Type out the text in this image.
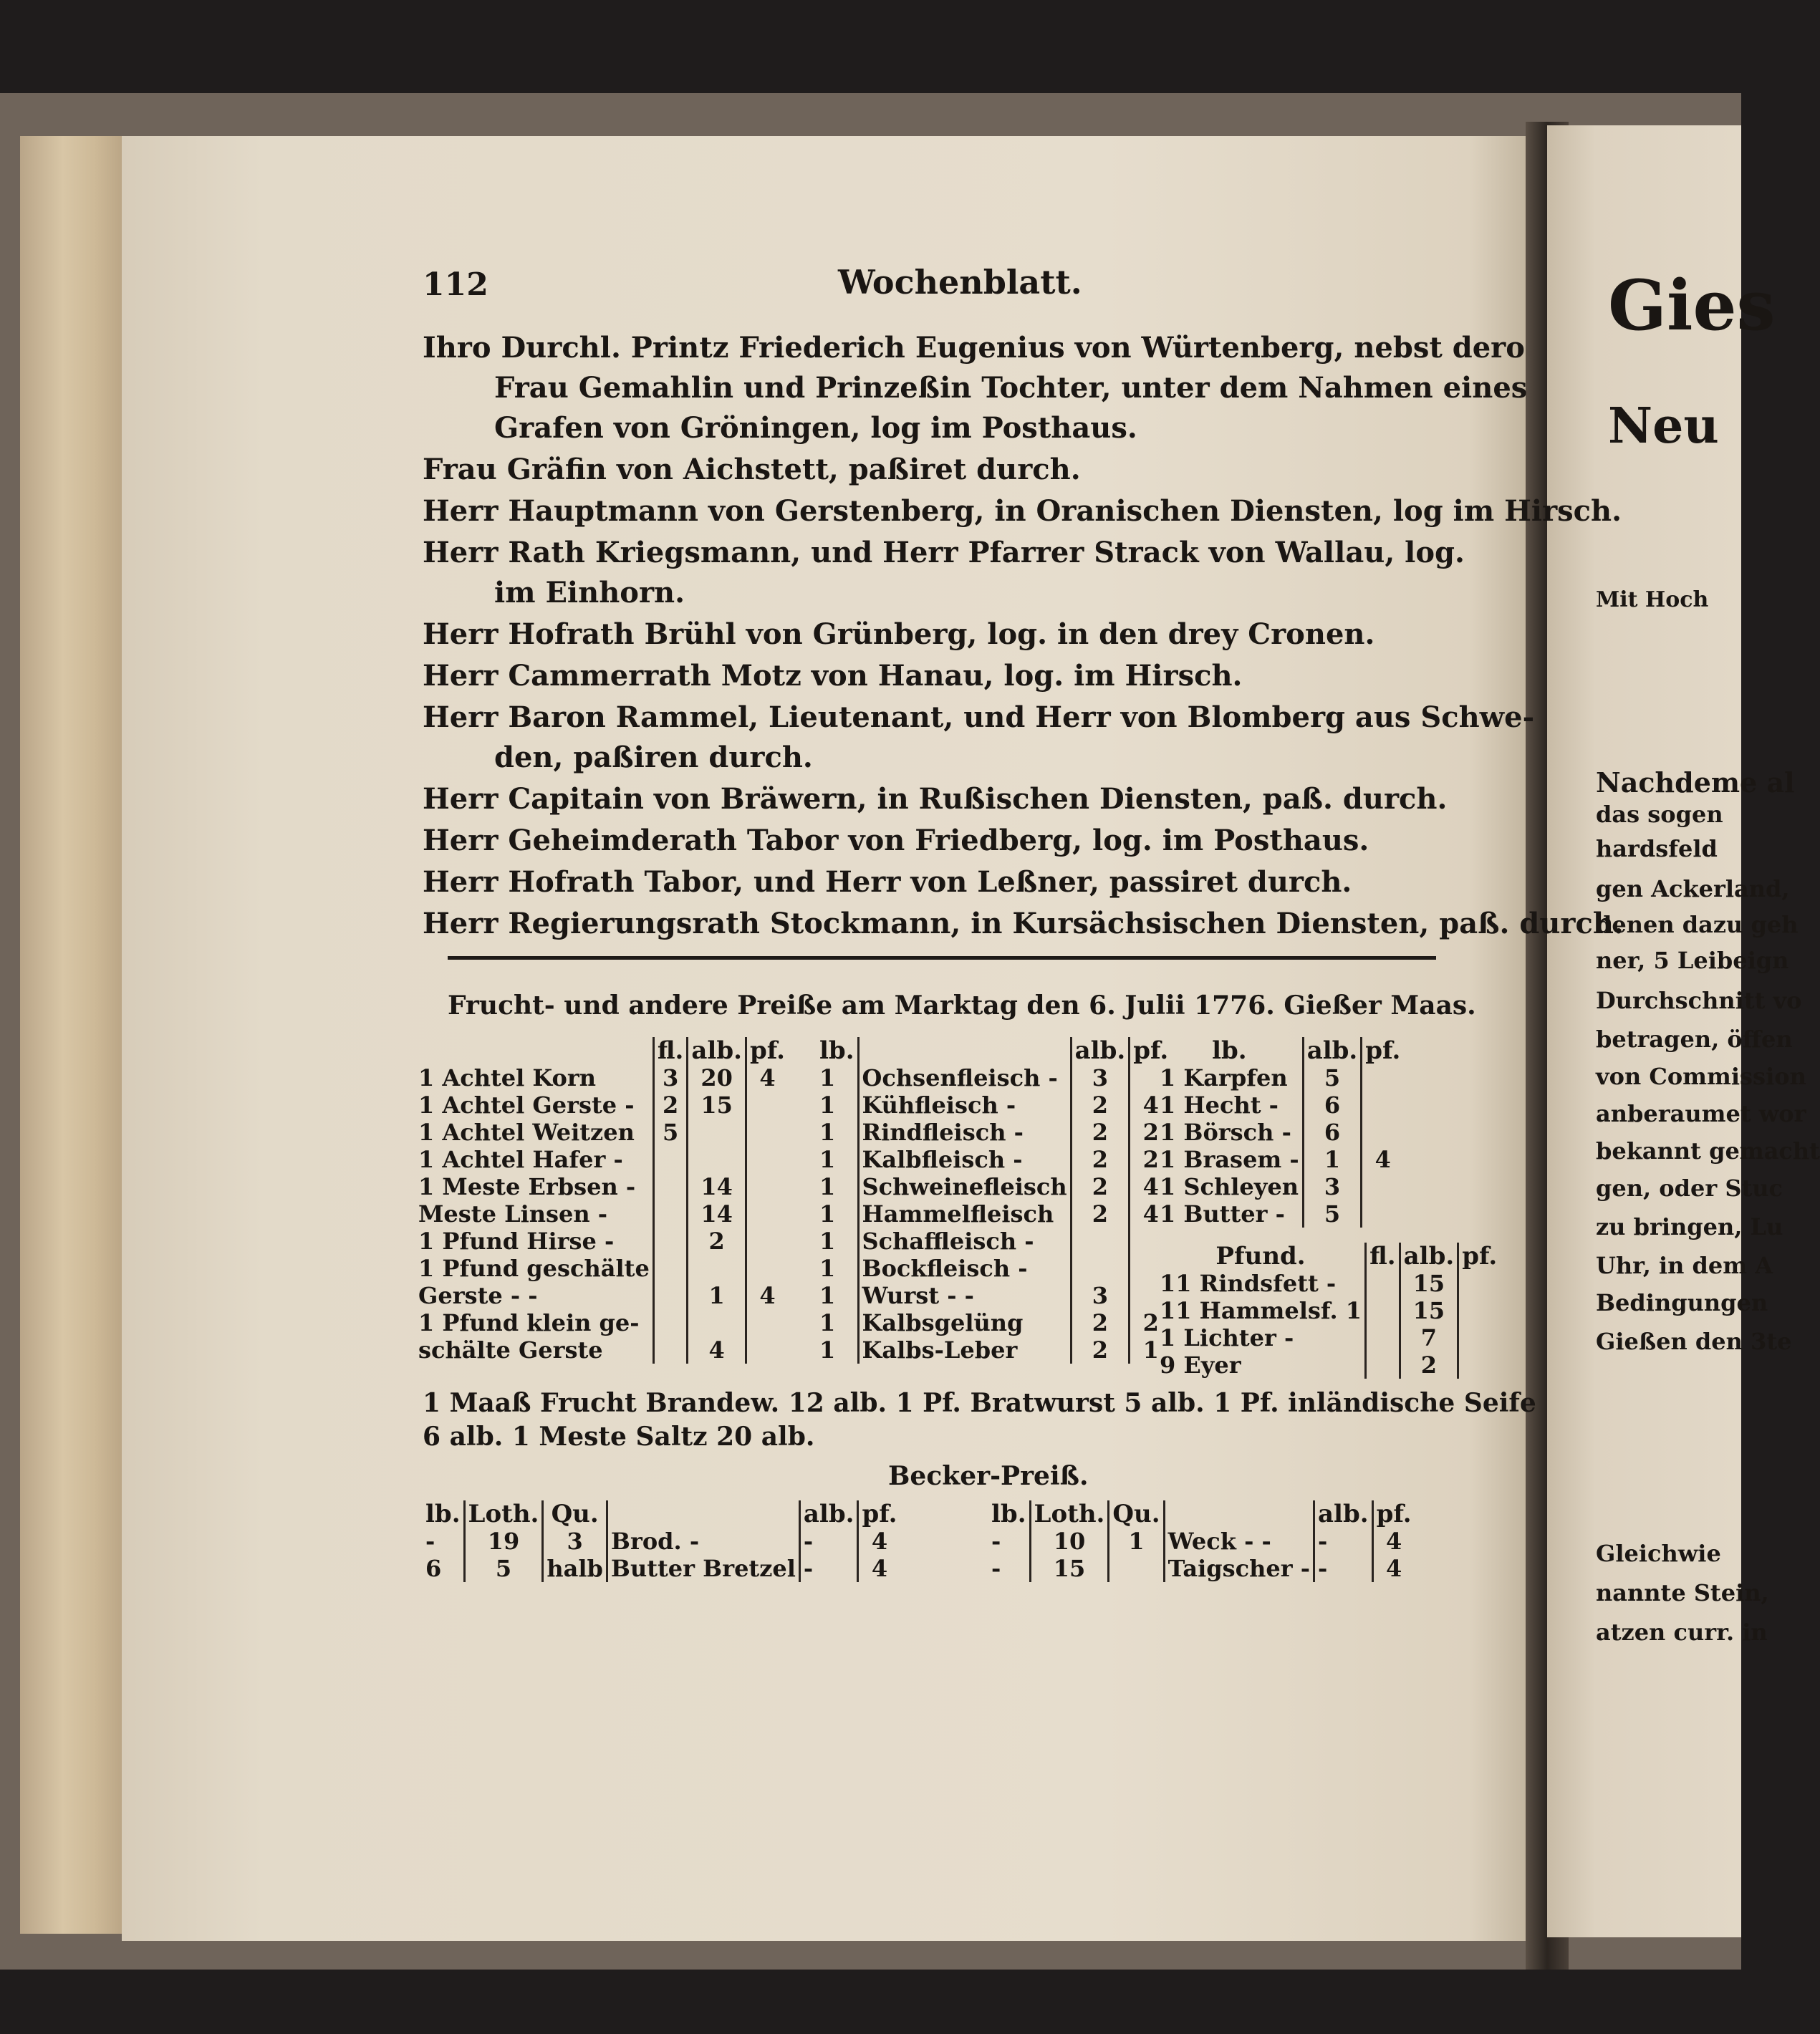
112	Wochenblatt.
Ihro Durchl. Printz Friederich Eugenius von Würtenberg, nebst dero
Frau Gemahlin und Prinzeßin Tochter, unter dem Nahmen eines
Grafen von Gröningen, log im Posthaus.
Frau Gräfin von Aichstett, paßiret durch.
Herr Hauptmann von Gerstenberg, in Oranischen Diensten, log im Hirsch.
Herr Rath Kriegsmann, und Herr Pfarrer Strack von Wallau, log.
im Einhorn.
Herr Hofrath Brühl von Grünberg, log. in den drey Cronen.
Herr Cammerrath Motz von Hanau, log. im Hirsch.
Herr Baron Rammel, Lieutenant, und Herr von Blomberg aus Schwe-
den, paßiren durch.
Herr Capitain von Bräwern, in Rußischen Diensten, paß. durch.
Herr Geheimderath Tabor von Friedberg, log. im Posthaus.
Herr Hofrath Tabor, und Herr von Leßner, passiret durch.
Herr Regierungsrath Stockmann, in Kursächsischen Diensten, paß. durch.
Frucht- und andere Preiße am Marktag den 6. Julii 1776. Gießer Maas.
	fl.	alb.	pf.
1 Achtel Korn	3	20	4
1 Achtel Gerste -	2	15	
1 Achtel Weitzen	5		
1 Achtel Hafer -			
1 Meste Erbsen -		14	
Meste Linsen -		14	
1 Pfund Hirse -		2	
1 Pfund geschälte			
Gerste - -		1	4
1 Pfund klein ge-			
schälte Gerste		4	
lb.		alb.	pf.
1	Ochsenfleisch -	3	
1	Kühfleisch -	2	4
1	Rindfleisch -	2	2
1	Kalbfleisch -	2	2
1	Schweinefleisch	2	4
1	Hammelfleisch	2	4
1	Schaffleisch -		
1	Bockfleisch -		
1	Wurst - -	3	
1	Kalbsgelüng	2	2
1	Kalbs-Leber	2	1
lb.	alb.	pf.
1 Karpfen	5	
1 Hecht -	6	
1 Börsch -	6	
1 Brasem -	1	4
1 Schleyen	3	
1 Butter -	5	
Pfund.	fl.	alb.	pf.
11 Rindsfett -		15	
11 Hammelsf. 1		15	
1 Lichter -		7	
9 Eyer		2	
1 Maaß Frucht Brandew. 12 alb. 1 Pf. Bratwurst 5 alb. 1 Pf. inländische Seife
6 alb. 1 Meste Saltz 20 alb.
Becker-Preiß.
lb.	Loth.	Qu.		alb.	pf.
-	19	3	Brod. -	-	4
6	5	halb	Butter Bretzel	-	4
lb.	Loth.	Qu.		alb.	pf.
-	10	1	Weck - -	-	4
-	15		Taigscher -	-	4
Gies
Neu
Mit Hoch
Nachdeme al
das sogen
hardsfeld
gen Ackerland,
denen dazu geh
ner, 5 Leibeign
Durchschnitt vo
betragen, öffen
von Commission
anberaumet wor
bekannt gemacht
gen, oder Stuc
zu bringen, Lu
Uhr, in dem A
Bedingungen
Gießen den 3te
Gleichwie
nannte Stein,
atzen curr. in
